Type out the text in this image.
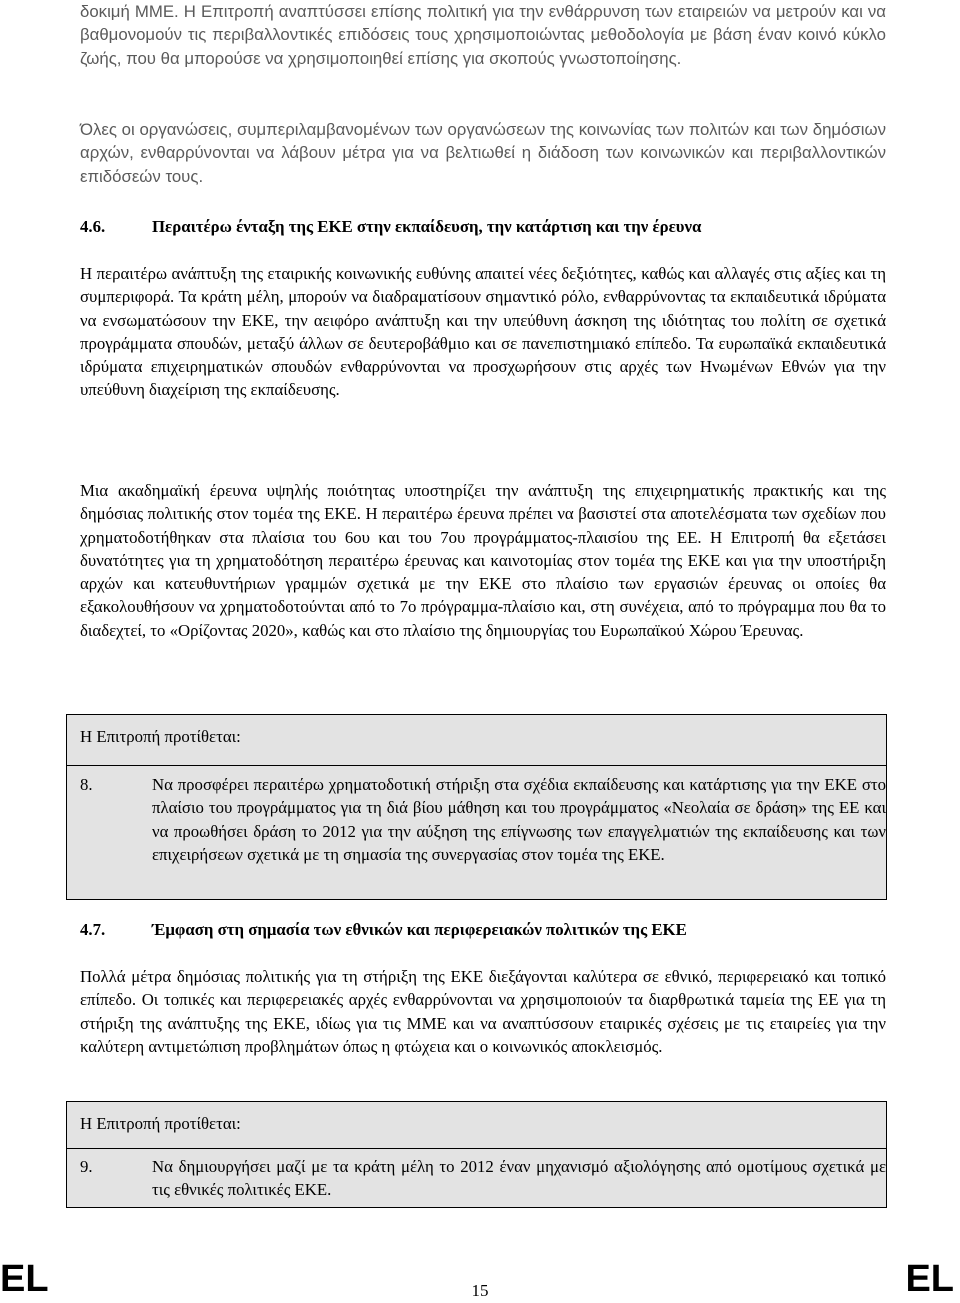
δοκιμή ΜΜΕ. Η Επιτροπή αναπτύσσει επίσης πολιτική για την ενθάρρυνση των εταιρειών να μετρούν και να βαθμονομούν τις περιβαλλοντικές επιδόσεις τους χρησιμοποιώντας μεθοδολογία με βάση έναν κοινό κύκλο ζωής, που θα μπορούσε να χρησιμοποιηθεί επίσης για σκοπούς γνωστοποίησης.

Όλες οι οργανώσεις, συμπεριλαμβανομένων των οργανώσεων της κοινωνίας των πολιτών και των δημόσιων αρχών, ενθαρρύνονται να λάβουν μέτρα για να βελτιωθεί η διάδοση των κοινωνικών και περιβαλλοντικών επιδόσεών τους.

4.6.	Περαιτέρω ένταξη της ΕΚΕ στην εκπαίδευση, την κατάρτιση και την έρευνα

Η περαιτέρω ανάπτυξη της εταιρικής κοινωνικής ευθύνης απαιτεί νέες δεξιότητες, καθώς και αλλαγές στις αξίες και τη συμπεριφορά. Τα κράτη μέλη, μπορούν να διαδραματίσουν σημαντικό ρόλο, ενθαρρύνοντας τα εκπαιδευτικά ιδρύματα να ενσωματώσουν την ΕΚΕ, την αειφόρο ανάπτυξη και την υπεύθυνη άσκηση της ιδιότητας του πολίτη σε σχετικά προγράμματα σπουδών, μεταξύ άλλων σε δευτεροβάθμιο και σε πανεπιστημιακό επίπεδο. Τα ευρωπαϊκά εκπαιδευτικά ιδρύματα επιχειρηματικών σπουδών ενθαρρύνονται να προσχωρήσουν στις αρχές των Ηνωμένων Εθνών για την υπεύθυνη διαχείριση της εκπαίδευσης.

Μια ακαδημαϊκή έρευνα υψηλής ποιότητας υποστηρίζει την ανάπτυξη της επιχειρηματικής πρακτικής και της δημόσιας πολιτικής στον τομέα της ΕΚΕ. Η περαιτέρω έρευνα πρέπει να βασιστεί στα αποτελέσματα των σχεδίων που χρηματοδοτήθηκαν στα πλαίσια του 6ου και του 7ου προγράμματος-πλαισίου της ΕΕ. Η Επιτροπή θα εξετάσει δυνατότητες για τη χρηματοδότηση περαιτέρω έρευνας και καινοτομίας στον τομέα της ΕΚΕ και για την υποστήριξη αρχών και κατευθυντήριων γραμμών σχετικά με την ΕΚΕ στο πλαίσιο των εργασιών έρευνας οι οποίες θα εξακολουθήσουν να χρηματοδοτούνται από το 7ο πρόγραμμα-πλαίσιο και, στη συνέχεια, από το πρόγραμμα που θα το διαδεχτεί, το «Ορίζοντας 2020», καθώς και στο πλαίσιο της δημιουργίας του Ευρωπαϊκού Χώρου Έρευνας.

Η Επιτροπή προτίθεται:
8.	Να προσφέρει περαιτέρω χρηματοδοτική στήριξη στα σχέδια εκπαίδευσης και κατάρτισης για την ΕΚΕ στο πλαίσιο του προγράμματος για τη διά βίου μάθηση και του προγράμματος «Νεολαία σε δράση» της ΕΕ και να προωθήσει δράση το 2012 για την αύξηση της επίγνωσης των επαγγελματιών της εκπαίδευσης και των επιχειρήσεων σχετικά με τη σημασία της συνεργασίας στον τομέα της ΕΚΕ.
4.7.	Έμφαση στη σημασία των εθνικών και περιφερειακών πολιτικών της ΕΚΕ

Πολλά μέτρα δημόσιας πολιτικής για τη στήριξη της ΕΚΕ διεξάγονται καλύτερα σε εθνικό, περιφερειακό και τοπικό επίπεδο. Οι τοπικές και περιφερειακές αρχές ενθαρρύνονται να χρησιμοποιούν τα διαρθρωτικά ταμεία της ΕΕ για τη στήριξη της ανάπτυξης της ΕΚΕ, ιδίως για τις ΜΜΕ και να αναπτύσσουν εταιρικές σχέσεις με τις εταιρείες για την καλύτερη αντιμετώπιση προβλημάτων όπως η φτώχεια και ο κοινωνικός αποκλεισμός.

Η Επιτροπή προτίθεται:
9.	Να δημιουργήσει μαζί με τα κράτη μέλη το 2012 έναν μηχανισμό αξιολόγησης από ομοτίμους σχετικά με τις εθνικές πολιτικές ΕΚΕ.
EL	15	EL
